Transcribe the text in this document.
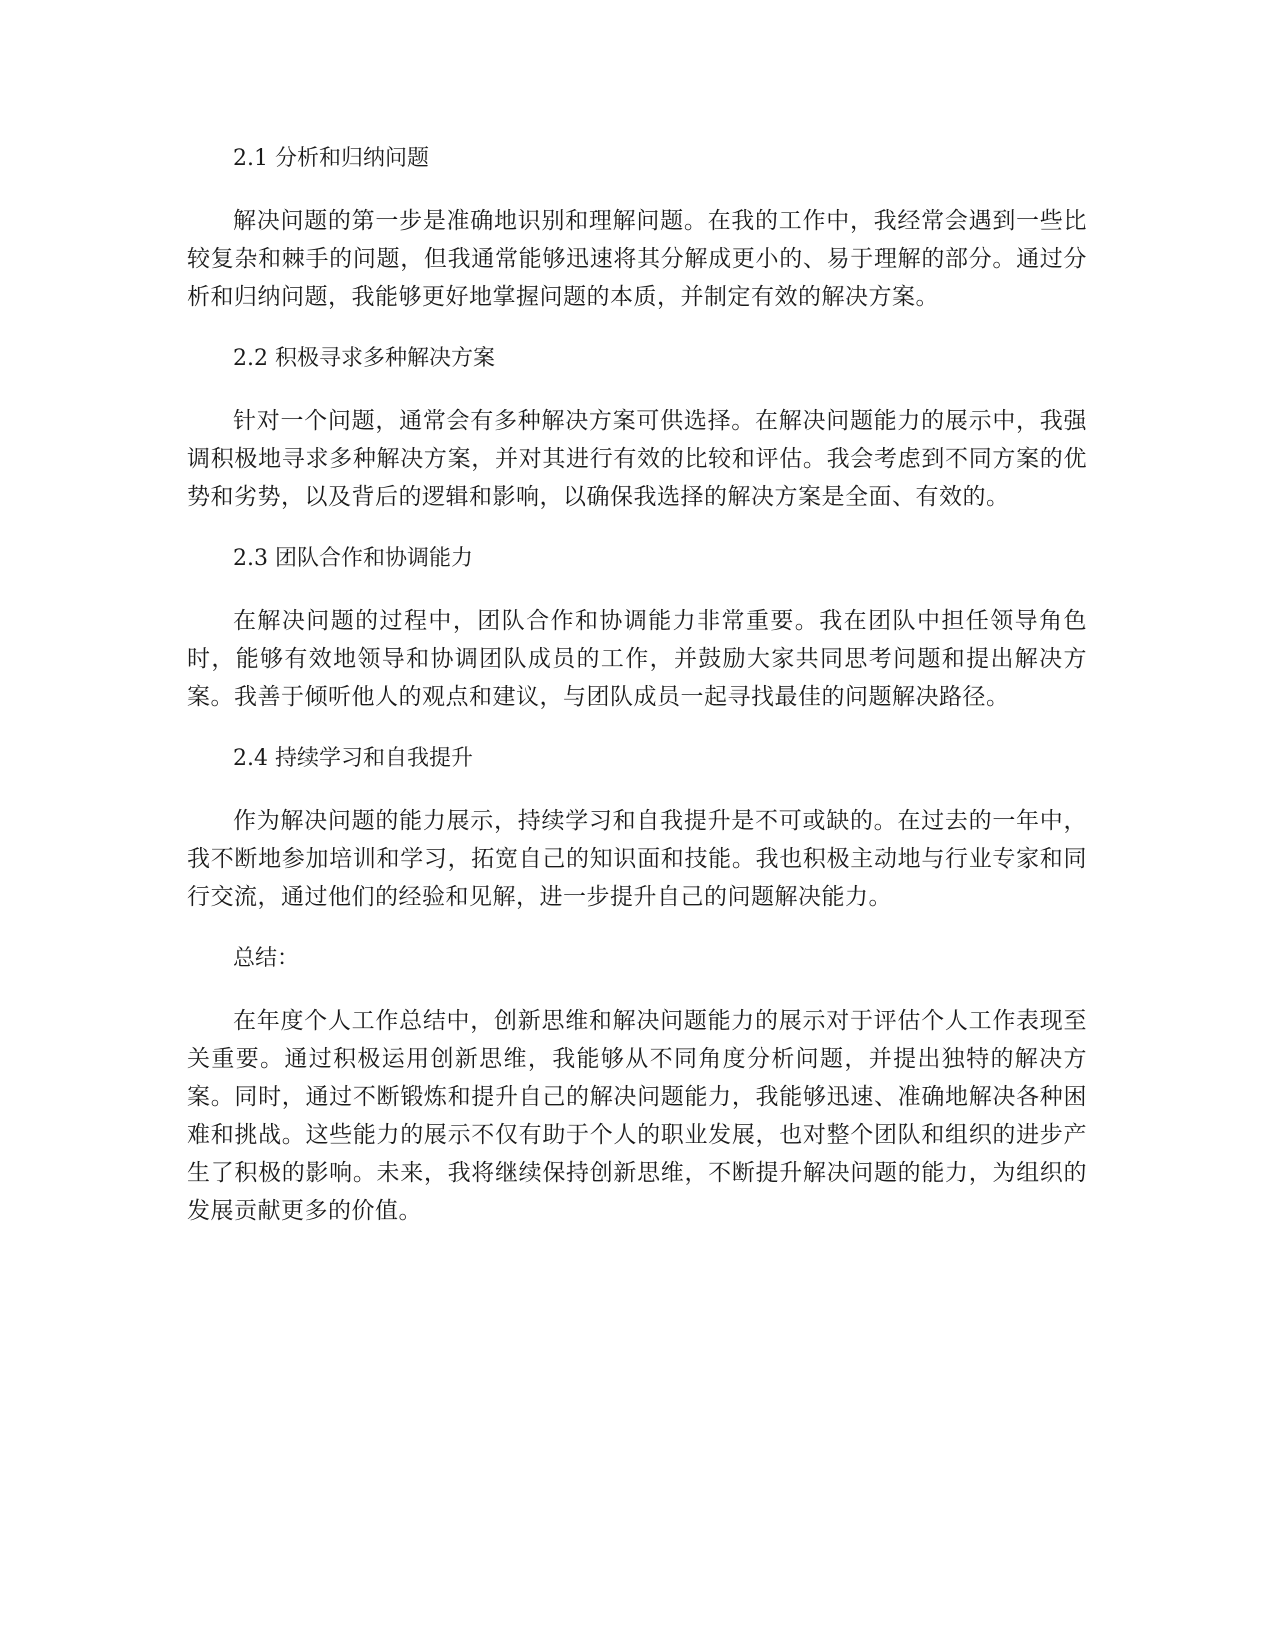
2.1 分析和归纳问题

解决问题的第一步是准确地识别和理解问题。在我的工作中，我经常会遇到一些比较复杂和棘手的问题，但我通常能够迅速将其分解成更小的、易于理解的部分。通过分析和归纳问题，我能够更好地掌握问题的本质，并制定有效的解决方案。

2.2 积极寻求多种解决方案

针对一个问题，通常会有多种解决方案可供选择。在解决问题能力的展示中，我强调积极地寻求多种解决方案，并对其进行有效的比较和评估。我会考虑到不同方案的优势和劣势，以及背后的逻辑和影响，以确保我选择的解决方案是全面、有效的。

2.3 团队合作和协调能力

在解决问题的过程中，团队合作和协调能力非常重要。我在团队中担任领导角色时，能够有效地领导和协调团队成员的工作，并鼓励大家共同思考问题和提出解决方案。我善于倾听他人的观点和建议，与团队成员一起寻找最佳的问题解决路径。

2.4 持续学习和自我提升

作为解决问题的能力展示，持续学习和自我提升是不可或缺的。在过去的一年中，我不断地参加培训和学习，拓宽自己的知识面和技能。我也积极主动地与行业专家和同行交流，通过他们的经验和见解，进一步提升自己的问题解决能力。

总结：

在年度个人工作总结中，创新思维和解决问题能力的展示对于评估个人工作表现至关重要。通过积极运用创新思维，我能够从不同角度分析问题，并提出独特的解决方案。同时，通过不断锻炼和提升自己的解决问题能力，我能够迅速、准确地解决各种困难和挑战。这些能力的展示不仅有助于个人的职业发展，也对整个团队和组织的进步产生了积极的影响。未来，我将继续保持创新思维，不断提升解决问题的能力，为组织的发展贡献更多的价值。
